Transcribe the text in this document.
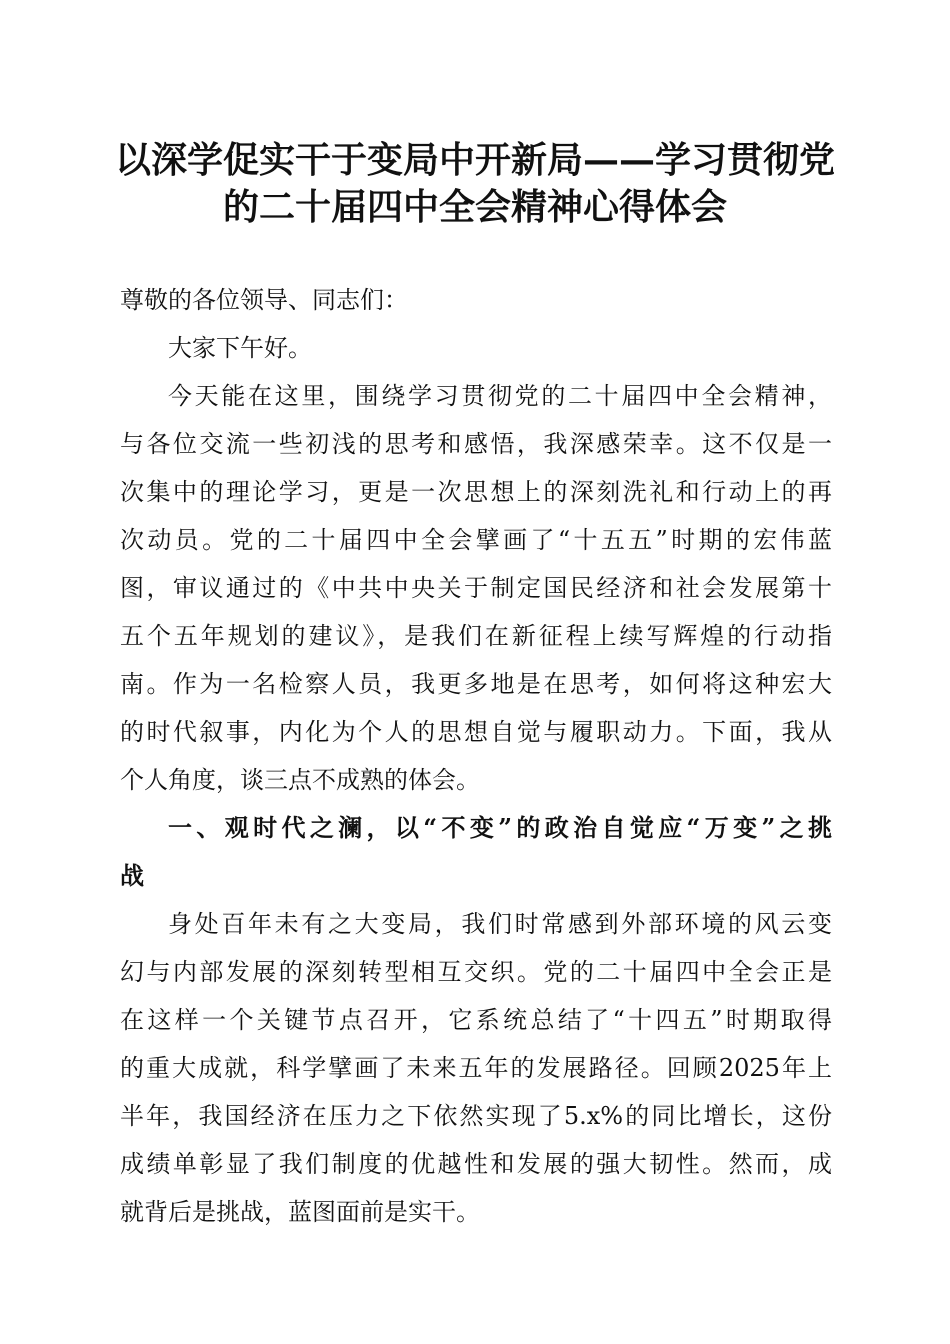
以深学促实干于变局中开新局——学习贯彻党
的二十届四中全会精神心得体会
尊敬的各位领导、同志们：
大家下午好。
今天能在这里，围绕学习贯彻党的二十届四中全会精神，
与各位交流一些初浅的思考和感悟，我深感荣幸。这不仅是一
次集中的理论学习，更是一次思想上的深刻洗礼和行动上的再
次动员。党的二十届四中全会擘画了“十五五”时期的宏伟蓝
图，审议通过的《中共中央关于制定国民经济和社会发展第十
五个五年规划的建议》，是我们在新征程上续写辉煌的行动指
南。作为一名检察人员，我更多地是在思考，如何将这种宏大
的时代叙事，内化为个人的思想自觉与履职动力。下面，我从
个人角度，谈三点不成熟的体会。
一、观时代之澜，以“不变”的政治自觉应“万变”之挑
战
身处百年未有之大变局，我们时常感到外部环境的风云变
幻与内部发展的深刻转型相互交织。党的二十届四中全会正是
在这样一个关键节点召开，它系统总结了“十四五”时期取得
的重大成就，科学擘画了未来五年的发展路径。回顾2025年上
半年，我国经济在压力之下依然实现了5.x%的同比增长，这份
成绩单彰显了我们制度的优越性和发展的强大韧性。然而，成
就背后是挑战，蓝图面前是实干。
